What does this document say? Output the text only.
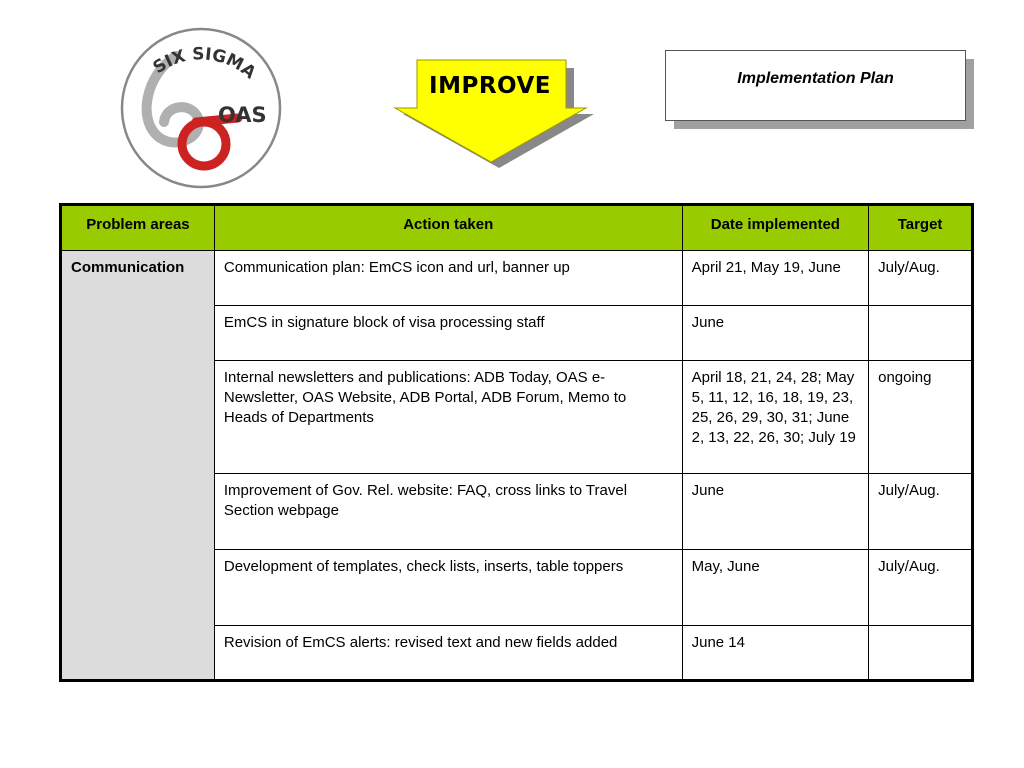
SIX SIGMA
OAS
IMPROVE	Implementation Plan
Problem areas	Action taken	Date implemented	Target
Communication	Communication plan: EmCS icon and url, banner up	April 21, May 19, June	July/Aug.
	EmCS in signature block of visa processing staff	June	
	Internal newsletters and publications: ADB Today, OAS e-Newsletter, OAS Website, ADB Portal, ADB Forum, Memo to Heads of Departments	April 18, 21, 24, 28; May 5, 11, 12, 16, 18, 19, 23, 25, 26, 29, 30, 31; June 2, 13, 22, 26, 30; July 19	ongoing
	Improvement of Gov. Rel. website: FAQ, cross links to Travel Section webpage	June	July/Aug.
	Development of templates, check lists, inserts, table toppers	May, June	July/Aug.
	Revision of EmCS alerts: revised text and new fields added	June 14	
